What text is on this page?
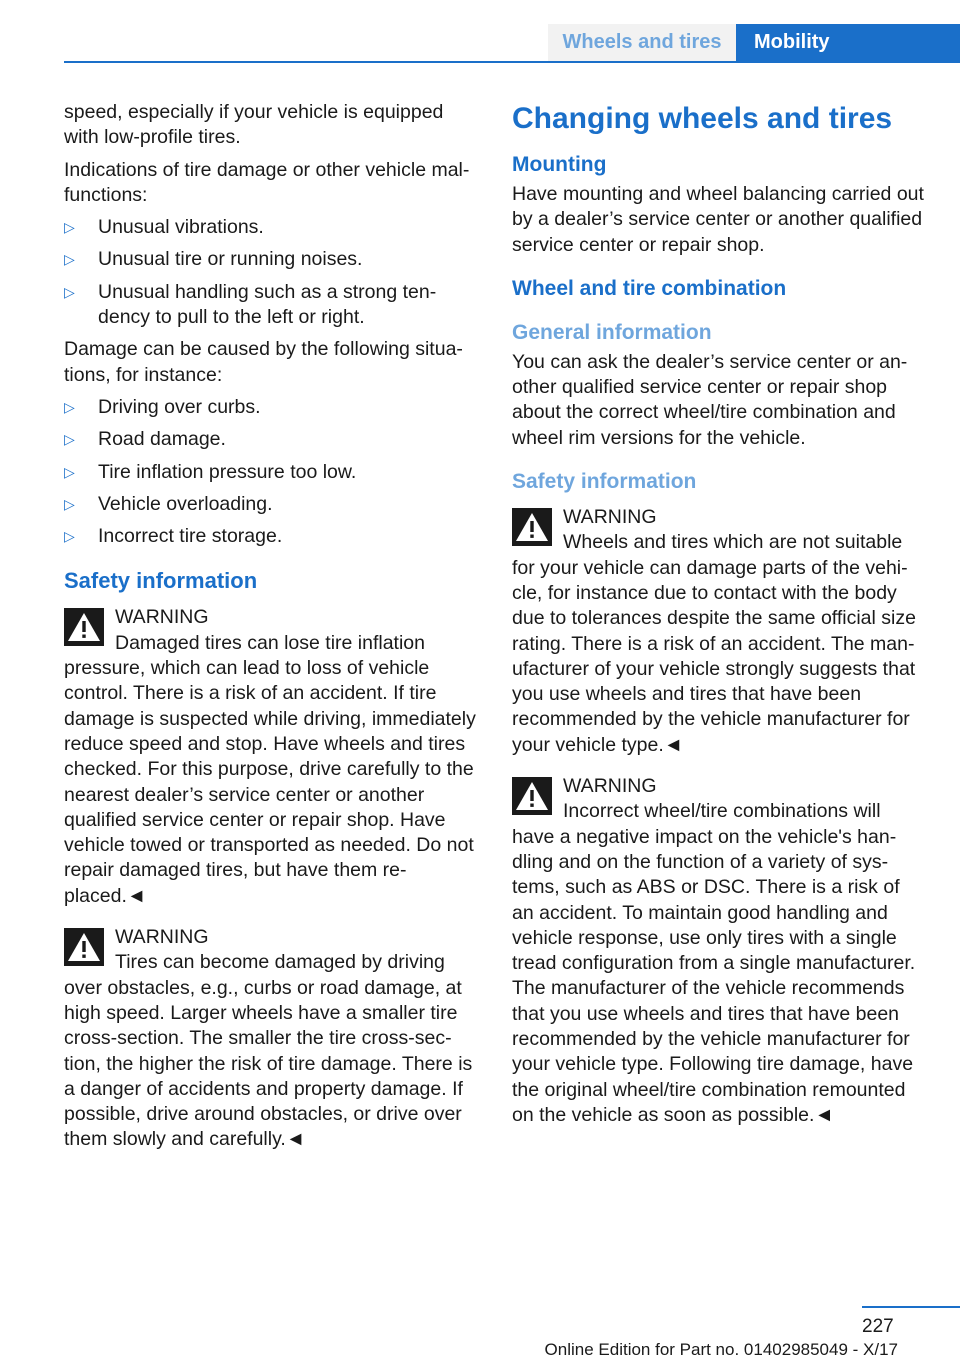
Wheels and tires	Mobility

speed, especially if your vehicle is equipped with low-profile tires.

Indications of tire damage or other vehicle malfunctions:

▷ Unusual vibrations.
▷ Unusual tire or running noises.
▷ Unusual handling such as a strong tendency to pull to the left or right.

Damage can be caused by the following situations, for instance:

▷ Driving over curbs.
▷ Road damage.
▷ Tire inflation pressure too low.
▷ Vehicle overloading.
▷ Incorrect tire storage.
Safety information
WARNING
Damaged tires can lose tire inflation pressure, which can lead to loss of vehicle control. There is a risk of an accident. If tire damage is suspected while driving, immediately reduce speed and stop. Have wheels and tires checked. For this purpose, drive carefully to the nearest dealer’s service center or another qualified service center or repair shop. Have vehicle towed or transported as needed. Do not repair damaged tires, but have them replaced.◄
WARNING
Tires can become damaged by driving over obstacles, e.g., curbs or road damage, at high speed. Larger wheels have a smaller tire cross-section. The smaller the tire cross-section, the higher the risk of tire damage. There is a danger of accidents and property damage. If possible, drive around obstacles, or drive over them slowly and carefully.◄
Changing wheels and tires
Mounting

Have mounting and wheel balancing carried out by a dealer’s service center or another qualified service center or repair shop.

Wheel and tire combination
General information

You can ask the dealer’s service center or another qualified service center or repair shop about the correct wheel/tire combination and wheel rim versions for the vehicle.

Safety information
WARNING
Wheels and tires which are not suitable for your vehicle can damage parts of the vehicle, for instance due to contact with the body due to tolerances despite the same official size rating. There is a risk of an accident. The manufacturer of your vehicle strongly suggests that you use wheels and tires that have been recommended by the vehicle manufacturer for your vehicle type.◄
WARNING
Incorrect wheel/tire combinations will have a negative impact on the vehicle's handling and on the function of a variety of systems, such as ABS or DSC. There is a risk of an accident. To maintain good handling and vehicle response, use only tires with a single tread configuration from a single manufacturer. The manufacturer of the vehicle recommends that you use wheels and tires that have been recommended by the vehicle manufacturer for your vehicle type. Following tire damage, have the original wheel/tire combination remounted on the vehicle as soon as possible.◄
227
Online Edition for Part no. 01402985049 - X/17
